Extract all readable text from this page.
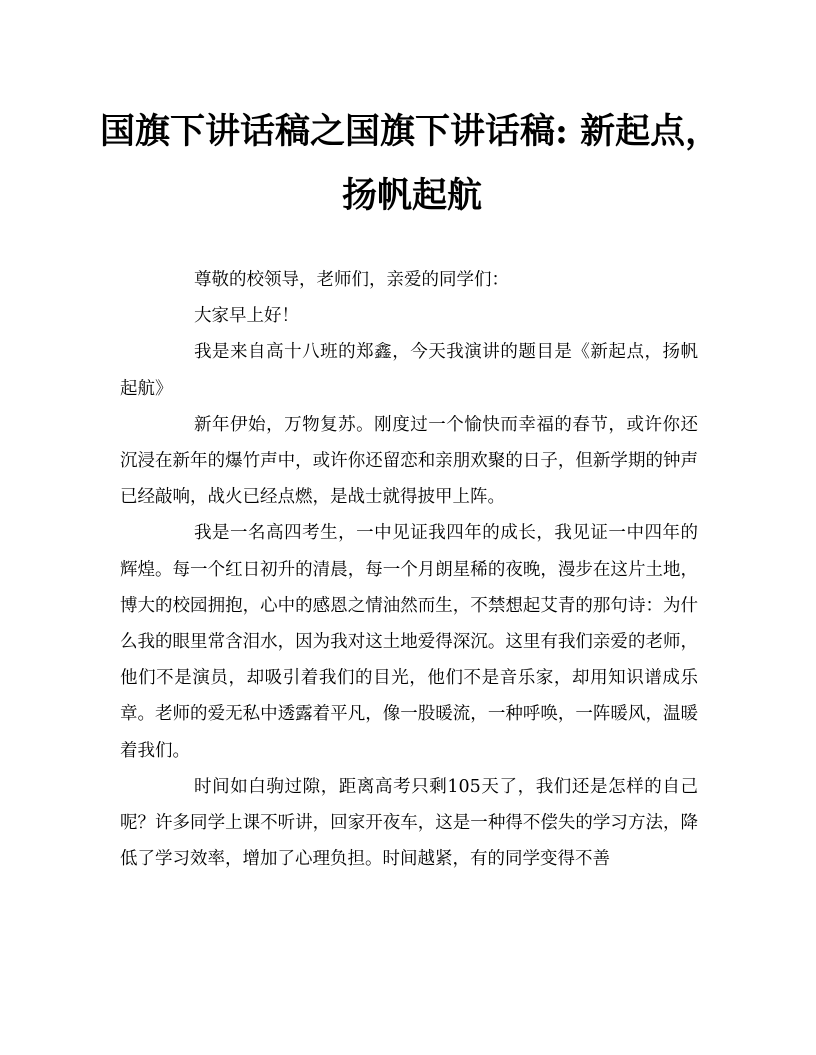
国旗下讲话稿之国旗下讲话稿: 新起点，
扬帆起航

尊敬的校领导，老师们，亲爱的同学们：

大家早上好！

我是来自高十八班的郑鑫，今天我演讲的题目是《新起点，扬帆起航》

新年伊始，万物复苏。刚度过一个愉快而幸福的春节，或许你还沉浸在新年的爆竹声中，或许你还留恋和亲朋欢聚的日子，但新学期的钟声已经敲响，战火已经点燃，是战士就得披甲上阵。

我是一名高四考生，一中见证我四年的成长，我见证一中四年的辉煌。每一个红日初升的清晨，每一个月朗星稀的夜晚，漫步在这片土地，博大的校园拥抱，心中的感恩之情油然而生，不禁想起艾青的那句诗：为什么我的眼里常含泪水，因为我对这土地爱得深沉。这里有我们亲爱的老师，他们不是演员，却吸引着我们的目光，他们不是音乐家，却用知识谱成乐章。老师的爱无私中透露着平凡，像一股暖流，一种呼唤，一阵暖风，温暖着我们。

时间如白驹过隙，距离高考只剩105天了，我们还是怎样的自己呢？许多同学上课不听讲，回家开夜车，这是一种得不偿失的学习方法，降低了学习效率，增加了心理负担。时间越紧，有的同学变得不善
